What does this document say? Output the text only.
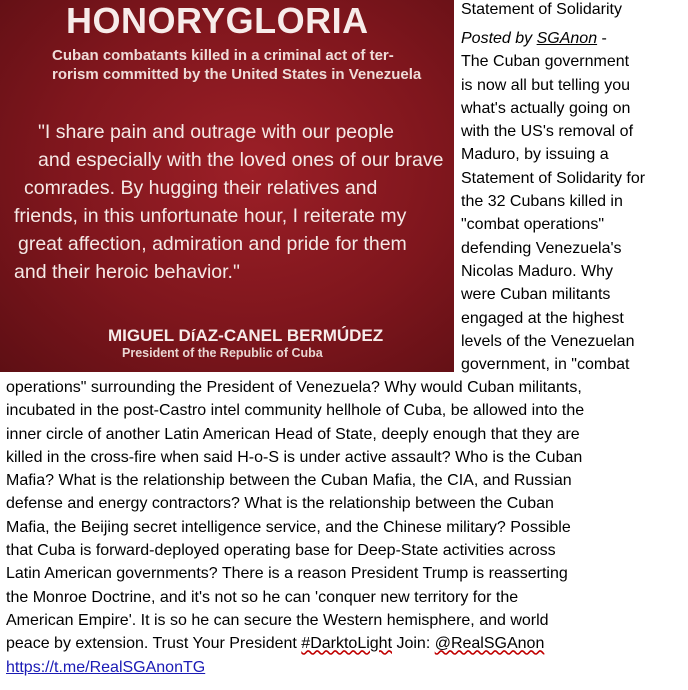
HONORYGLORIA
Cuban combatants killed in a criminal act of ter-
rorism committed by the United States in Venezuela
"I share pain and outrage with our people
and especially with the loved ones of our brave
comrades. By hugging their relatives and
friends, in this unfortunate hour, I reiterate my
great affection, admiration and pride for them
and their heroic behavior."
MIGUEL DíAZ-CANEL BERMÚDEZ
President of the Republic of Cuba
Statement of Solidarity
Posted by SGAnon -
The Cuban government
is now all but telling you
what's actually going on
with the US's removal of
Maduro, by issuing a
Statement of Solidarity for
the 32 Cubans killed in
"combat operations"
defending Venezuela's
Nicolas Maduro. Why
were Cuban militants
engaged at the highest
levels of the Venezuelan
government, in "combat
operations" surrounding the President of Venezuela? Why would Cuban militants,
incubated in the post-Castro intel community hellhole of Cuba, be allowed into the
inner circle of another Latin American Head of State, deeply enough that they are
killed in the cross-fire when said H-o-S is under active assault? Who is the Cuban
Mafia? What is the relationship between the Cuban Mafia, the CIA, and Russian
defense and energy contractors? What is the relationship between the Cuban
Mafia, the Beijing secret intelligence service, and the Chinese military? Possible
that Cuba is forward-deployed operating base for Deep-State activities across
Latin American governments? There is a reason President Trump is reasserting
the Monroe Doctrine, and it's not so he can 'conquer new territory for the
American Empire'. It is so he can secure the Western hemisphere, and world
peace by extension. Trust Your President #DarktoLight Join: @RealSGAnon
https://t.me/RealSGAnonTG
